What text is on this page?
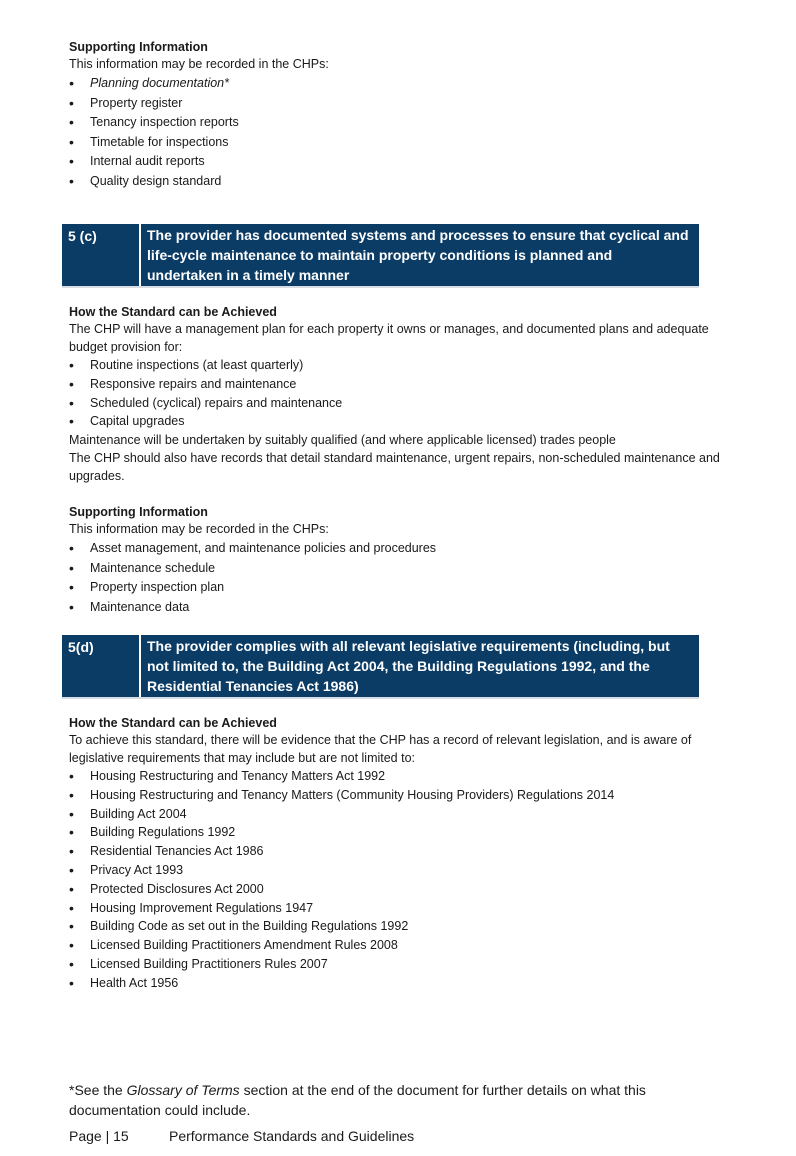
Supporting Information

This information may be recorded in the CHPs:

• Planning documentation*
• Property register
• Tenancy inspection reports
• Timetable for inspections
• Internal audit reports
• Quality design standard
5 (c)	The provider has documented systems and processes to ensure that cyclical and life-cycle maintenance to maintain property conditions is planned and undertaken in a timely manner

How the Standard can be Achieved

The CHP will have a management plan for each property it owns or manages, and documented plans and adequate budget provision for:

• Routine inspections (at least quarterly)
• Responsive repairs and maintenance
• Scheduled (cyclical) repairs and maintenance
• Capital upgrades

Maintenance will be undertaken by suitably qualified (and where applicable licensed) trades people

The CHP should also have records that detail standard maintenance, urgent repairs, non-scheduled maintenance and upgrades.

Supporting Information

This information may be recorded in the CHPs:

• Asset management, and maintenance policies and procedures
• Maintenance schedule
• Property inspection plan
• Maintenance data
5(d)	The provider complies with all relevant legislative requirements (including, but not limited to, the Building Act 2004, the Building Regulations 1992, and the Residential Tenancies Act 1986)

How the Standard can be Achieved

To achieve this standard, there will be evidence that the CHP has a record of relevant legislation, and is aware of legislative requirements that may include but are not limited to:

• Housing Restructuring and Tenancy Matters Act 1992
• Housing Restructuring and Tenancy Matters (Community Housing Providers) Regulations 2014
• Building Act 2004
• Building Regulations 1992
• Residential Tenancies Act 1986
• Privacy Act 1993
• Protected Disclosures Act 2000
• Housing Improvement Regulations 1947
• Building Code as set out in the Building Regulations 1992
• Licensed Building Practitioners Amendment Rules 2008
• Licensed Building Practitioners Rules 2007
• Health Act 1956

*See the Glossary of Terms section at the end of the document for further details on what this documentation could include.

Page | 15	Performance Standards and Guidelines
